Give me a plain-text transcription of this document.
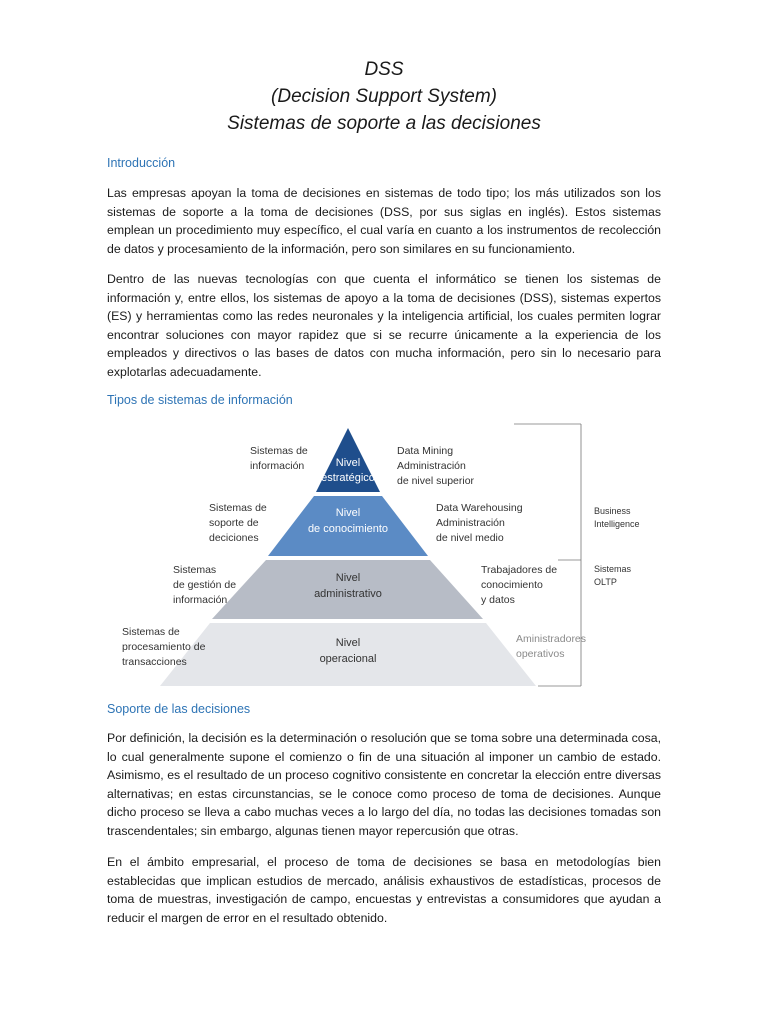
DSS
(Decision Support System)
Sistemas de soporte a las decisiones
Introducción

Las empresas apoyan la toma de decisiones en sistemas de todo tipo; los más utilizados son los sistemas de soporte a la toma de decisiones (DSS, por sus siglas en inglés). Estos sistemas emplean un procedimiento muy específico, el cual varía en cuanto a los instrumentos de recolección de datos y procesamiento de la información, pero son similares en su funcionamiento.

Dentro de las nuevas tecnologías con que cuenta el informático se tienen los sistemas de información y, entre ellos, los sistemas de apoyo a la toma de decisiones (DSS), sistemas expertos (ES) y herramientas como las redes neuronales y la inteligencia artificial, los cuales permiten lograr encontrar soluciones con mayor rapidez que si se recurre únicamente a la experiencia de los empleados y directivos o las bases de datos con mucha información, pero sin lo necesario para explotarlas adecuadamente.

Tipos de sistemas de información
Nivel
estratégico
Nivel
de conocimiento
Nivel
administrativo
Nivel
operacional
Sistemas de
información
Sistemas de
soporte de
deciciones
Sistemas
de gestión de
información
Sistemas de
procesamiento de
transacciones
Data Mining
Administración
de nivel superior
Data Warehousing
Administración
de nivel medio
Trabajadores de
conocimiento
y datos
Aministradores
operativos
Business
Intelligence
Sistemas
OLTP
Soporte de las decisiones

Por definición, la decisión es la determinación o resolución que se toma sobre una determinada cosa, lo cual generalmente supone el comienzo o fin de una situación al imponer un cambio de estado. Asimismo, es el resultado de un proceso cognitivo consistente en concretar la elección entre diversas alternativas; en estas circunstancias, se le conoce como proceso de toma de decisiones. Aunque dicho proceso se lleva a cabo muchas veces a lo largo del día, no todas las decisiones tomadas son trascendentales; sin embargo, algunas tienen mayor repercusión que otras.

En el ámbito empresarial, el proceso de toma de decisiones se basa en metodologías bien establecidas que implican estudios de mercado, análisis exhaustivos de estadísticas, procesos de toma de muestras, investigación de campo, encuestas y entrevistas a consumidores que ayudan a reducir el margen de error en el resultado obtenido.
